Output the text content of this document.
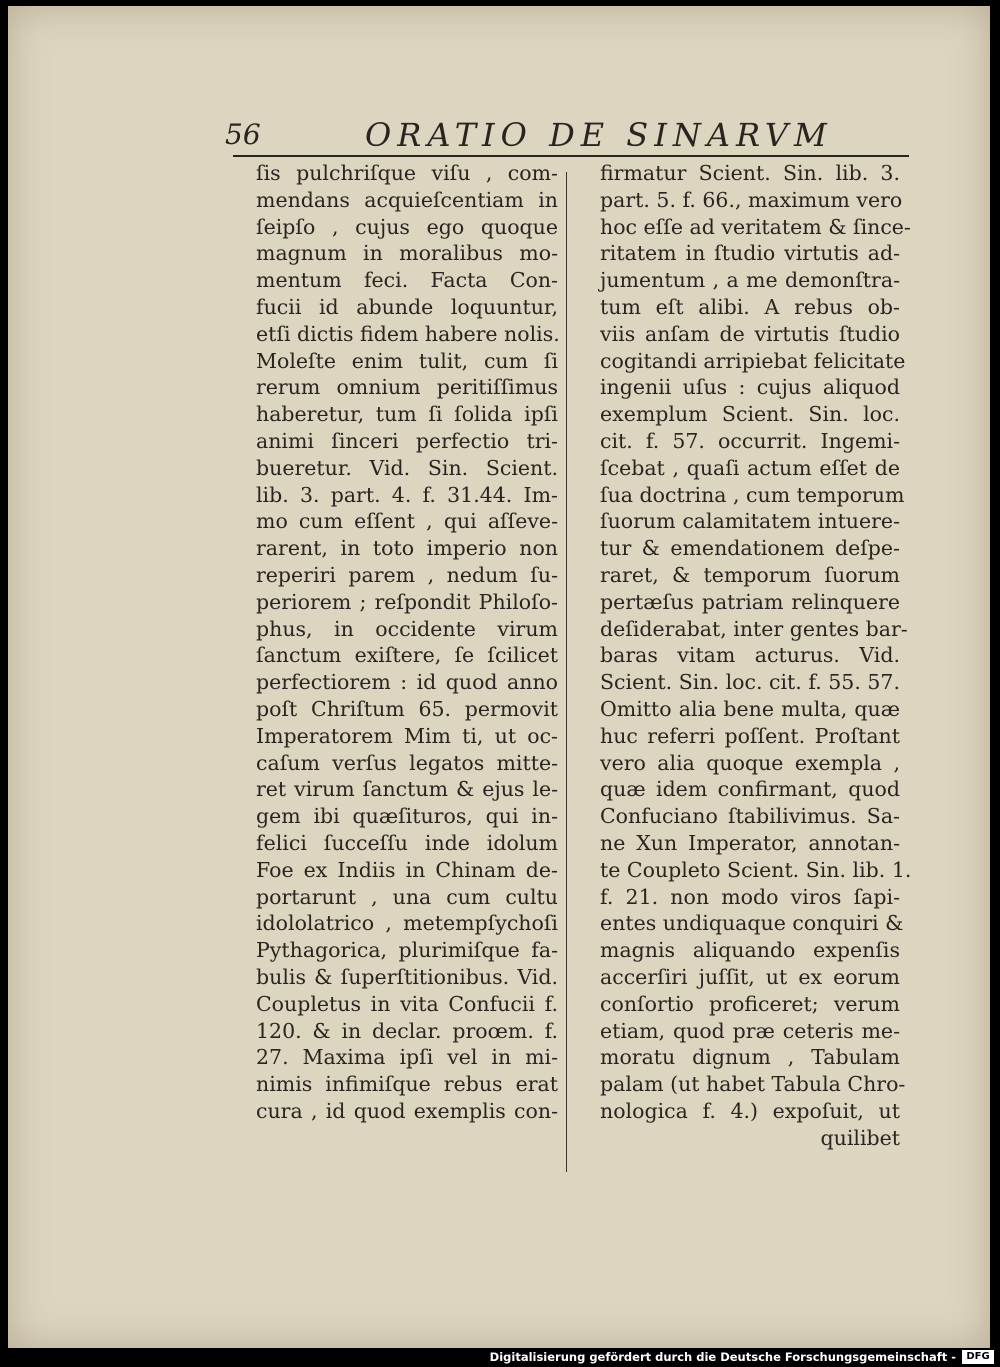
56	ORATIO DE SINARVM
ſis pulchriſque viſu , com-
mendans acquieſcentiam in
ſeipſo , cujus ego quoque
magnum in moralibus mo-
mentum feci. Facta Con-
fucii id abunde loquuntur,
etſi dictis fidem habere nolis.
Moleſte enim tulit, cum ſi
rerum omnium peritiſſimus
haberetur, tum ſi ſolida ipſi
animi ſinceri perfectio tri-
bueretur. Vid. Sin. Scient.
lib. 3. part. 4. f. 31.44. Im-
mo cum eſſent , qui aſſeve-
rarent, in toto imperio non
reperiri parem , nedum ſu-
periorem ; reſpondit Philoſo-
phus, in occidente virum
ſanctum exiſtere, ſe ſcilicet
perfectiorem : id quod anno
poſt Chriſtum 65. permovit
Imperatorem Mim ti, ut oc-
caſum verſus legatos mitte-
ret virum ſanctum & ejus le-
gem ibi quæſituros, qui in-
felici ſucceſſu inde idolum
Foe ex Indiis in Chinam de-
portarunt , una cum cultu
idololatrico , metempſychoſi
Pythagorica, plurimiſque fa-
bulis & ſuperſtitionibus. Vid.
Coupletus in vita Confucii f.
120. & in declar. proœm. f.
27. Maxima ipſi vel in mi-
nimis infimiſque rebus erat
cura , id quod exemplis con-
firmatur Scient. Sin. lib. 3.
part. 5. f. 66., maximum vero
hoc eſſe ad veritatem & ſince-
ritatem in ſtudio virtutis ad-
jumentum , a me demonſtra-
tum eſt alibi. A rebus ob-
viis anſam de virtutis ſtudio
cogitandi arripiebat felicitate
ingenii uſus : cujus aliquod
exemplum Scient. Sin. loc.
cit. f. 57. occurrit. Ingemi-
ſcebat , quaſi actum eſſet de
ſua doctrina , cum temporum
ſuorum calamitatem intuere-
tur & emendationem deſpe-
raret, & temporum ſuorum
pertæſus patriam relinquere
deſiderabat, inter gentes bar-
baras vitam acturus. Vid.
Scient. Sin. loc. cit. f. 55. 57.
Omitto alia bene multa, quæ
huc referri poſſent. Proſtant
vero alia quoque exempla ,
quæ idem confirmant, quod
Confuciano ſtabilivimus. Sa-
ne Xun Imperator, annotan-
te Coupleto Scient. Sin. lib. 1.
f. 21. non modo viros ſapi-
entes undiquaque conquiri &
magnis aliquando expenſis
accerſiri juſſit, ut ex eorum
conſortio proficeret; verum
etiam, quod præ ceteris me-
moratu dignum , Tabulam
palam (ut habet Tabula Chro-
nologica f. 4.) expoſuit, ut
quilibet
Digitalisierung gefördert durch die Deutsche Forschungsgemeinschaft -	DFG
